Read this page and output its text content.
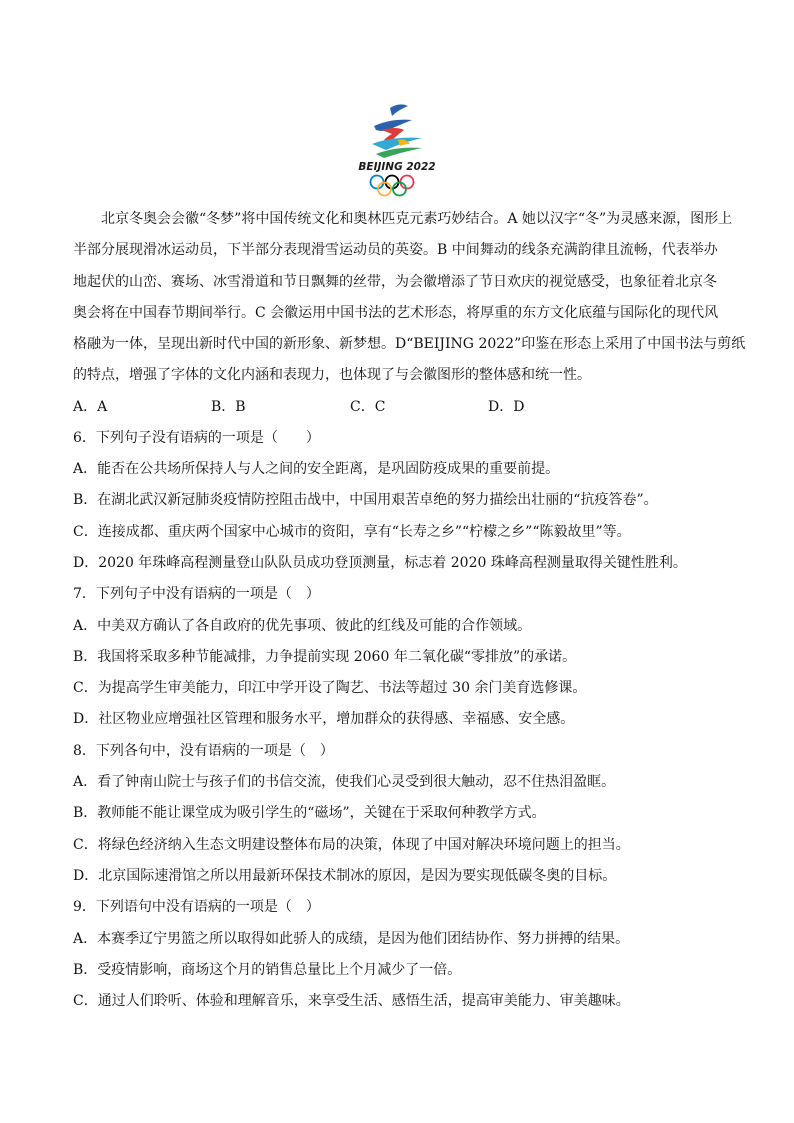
BEIJING 2022

北京冬奥会会徽“冬梦”将中国传统文化和奥林匹克元素巧妙结合。A 她以汉字“冬”为灵感来源，图形上

半部分展现滑冰运动员，下半部分表现滑雪运动员的英姿。B 中间舞动的线条充满韵律且流畅，代表举办

地起伏的山峦、赛场、冰雪滑道和节日飘舞的丝带，为会徽增添了节日欢庆的视觉感受，也象征着北京冬

奥会将在中国春节期间举行。C 会徽运用中国书法的艺术形态，将厚重的东方文化底蕴与国际化的现代风

格融为一体，呈现出新时代中国的新形象、新梦想。D“BEIJING 2022”印鉴在形态上采用了中国书法与剪纸

的特点，增强了字体的文化内涵和表现力，也体现了与会徽图形的整体感和统一性。

A．A	B．B	C．C	D．D
6．下列句子没有语病的一项是（　　）
A．能否在公共场所保持人与人之间的安全距离，是巩固防疫成果的重要前提。
B．在湖北武汉新冠肺炎疫情防控阻击战中，中国用艰苦卓绝的努力描绘出壮丽的“抗疫答卷”。
C．连接成都、重庆两个国家中心城市的资阳，享有“长寿之乡”“柠檬之乡”“陈毅故里”等。
D．2020 年珠峰高程测量登山队队员成功登顶测量，标志着 2020 珠峰高程测量取得关键性胜利。
7．下列句子中没有语病的一项是（　）
A．中美双方确认了各自政府的优先事项、彼此的红线及可能的合作领域。
B．我国将采取多种节能减排，力争提前实现 2060 年二氧化碳“零排放”的承诺。
C．为提高学生审美能力，印江中学开设了陶艺、书法等超过 30 余门美育选修课。
D．社区物业应增强社区管理和服务水平，增加群众的获得感、幸福感、安全感。
8．下列各句中，没有语病的一项是（　）
A．看了钟南山院士与孩子们的书信交流，使我们心灵受到很大触动，忍不住热泪盈眶。
B．教师能不能让课堂成为吸引学生的“磁场”，关键在于采取何种教学方式。
C．将绿色经济纳入生态文明建设整体布局的决策，体现了中国对解决环境问题上的担当。
D．北京国际速滑馆之所以用最新环保技术制冰的原因，是因为要实现低碳冬奥的目标。
9．下列语句中没有语病的一项是（　）
A．本赛季辽宁男篮之所以取得如此骄人的成绩，是因为他们团结协作、努力拼搏的结果。
B．受疫情影响，商场这个月的销售总量比上个月减少了一倍。
C．通过人们聆听、体验和理解音乐，来享受生活、感悟生活，提高审美能力、审美趣味。
